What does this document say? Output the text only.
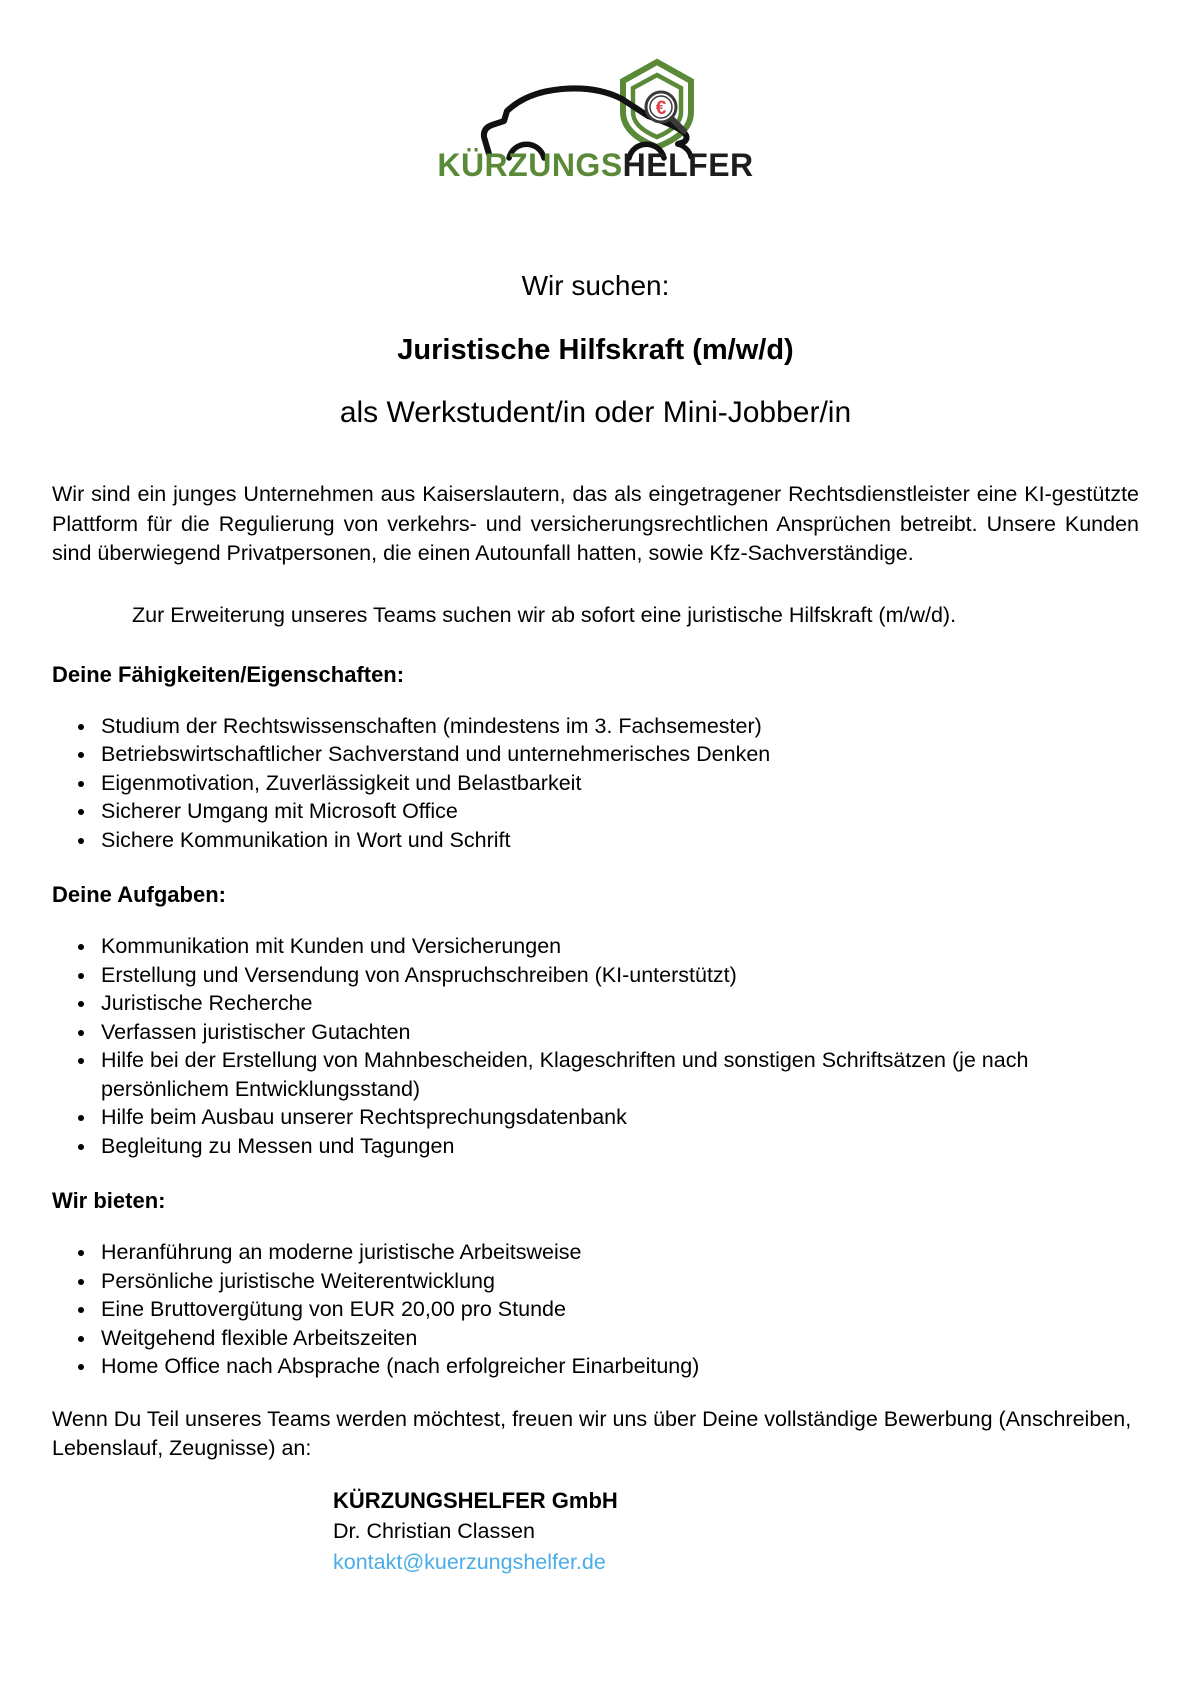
€
KÜRZUNGSHELFER
Wir suchen:
Juristische Hilfskraft (m/w/d)
als Werkstudent/in oder Mini-Jobber/in

Wir sind ein junges Unternehmen aus Kaiserslautern, das als eingetragener Rechtsdienstleister eine KI-gestützte Plattform für die Regulierung von verkehrs- und versicherungsrechtlichen Ansprüchen betreibt. Unsere Kunden sind überwiegend Privatpersonen, die einen Autounfall hatten, sowie Kfz-Sachverständige.

Zur Erweiterung unseres Teams suchen wir ab sofort eine juristische Hilfskraft (m/w/d).

Deine Fähigkeiten/Eigenschaften:
• Studium der Rechtswissenschaften (mindestens im 3. Fachsemester)
• Betriebswirtschaftlicher Sachverstand und unternehmerisches Denken
• Eigenmotivation, Zuverlässigkeit und Belastbarkeit
• Sicherer Umgang mit Microsoft Office
• Sichere Kommunikation in Wort und Schrift
Deine Aufgaben:
• Kommunikation mit Kunden und Versicherungen
• Erstellung und Versendung von Anspruchschreiben (KI-unterstützt)
• Juristische Recherche
• Verfassen juristischer Gutachten
• Hilfe bei der Erstellung von Mahnbescheiden, Klageschriften und sonstigen Schriftsätzen (je nach persönlichem Entwicklungsstand)
• Hilfe beim Ausbau unserer Rechtsprechungsdatenbank
• Begleitung zu Messen und Tagungen
Wir bieten:
• Heranführung an moderne juristische Arbeitsweise
• Persönliche juristische Weiterentwicklung
• Eine Bruttovergütung von EUR 20,00 pro Stunde
• Weitgehend flexible Arbeitszeiten
• Home Office nach Absprache (nach erfolgreicher Einarbeitung)

Wenn Du Teil unseres Teams werden möchtest, freuen wir uns über Deine vollständige Bewerbung (Anschreiben, Lebenslauf, Zeugnisse) an:

KÜRZUNGSHELFER GmbH
Dr. Christian Classen
kontakt@kuerzungshelfer.de
